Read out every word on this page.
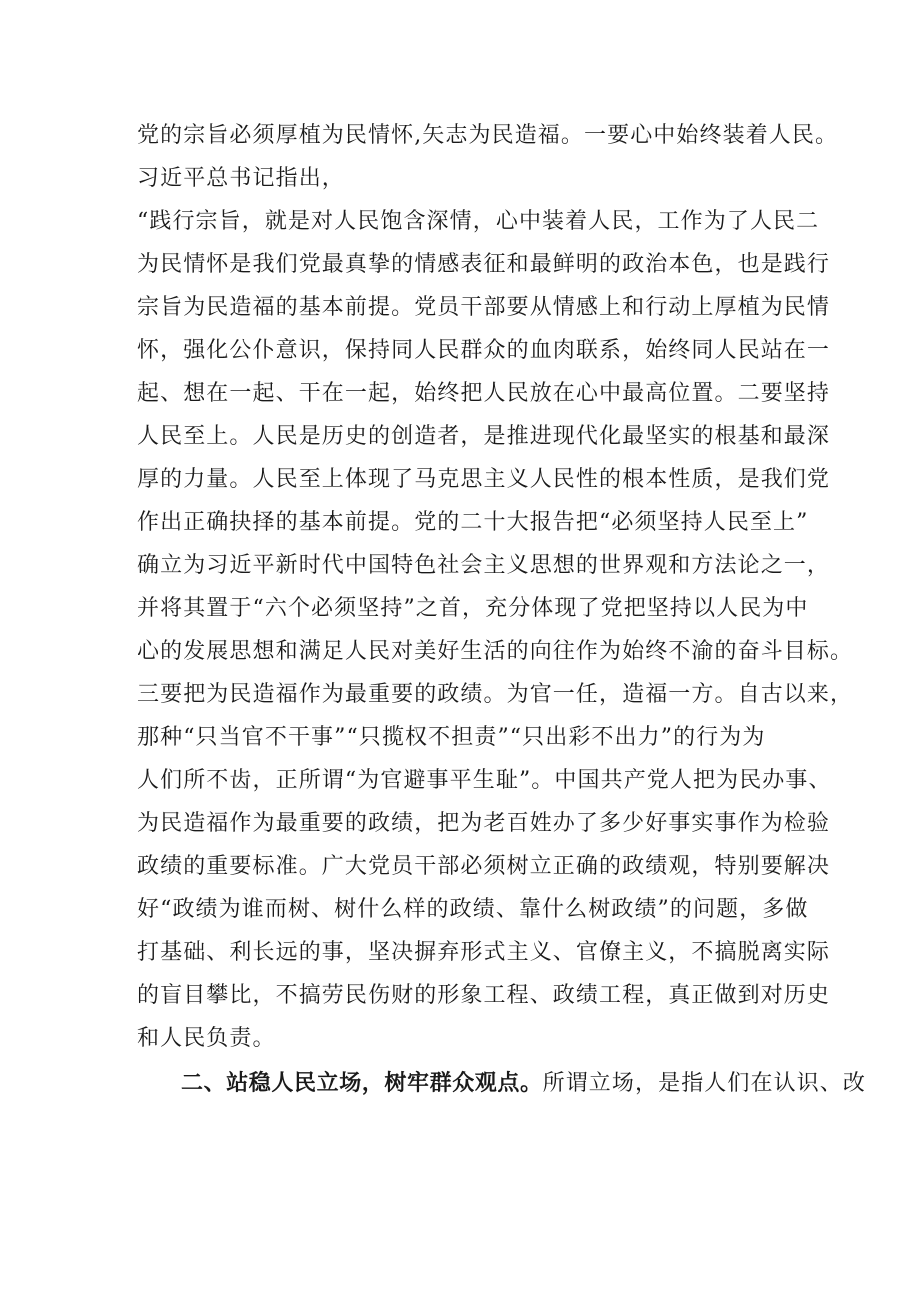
党的宗旨必须厚植为民情怀,矢志为民造福。一要心中始终装着人民。
习近平总书记指出，
“践行宗旨，就是对人民饱含深情，心中装着人民，工作为了人民二
为民情怀是我们党最真挚的情感表征和最鲜明的政治本色，也是践行
宗旨为民造福的基本前提。党员干部要从情感上和行动上厚植为民情
怀，强化公仆意识，保持同人民群众的血肉联系，始终同人民站在一
起、想在一起、干在一起，始终把人民放在心中最高位置。二要坚持
人民至上。人民是历史的创造者，是推进现代化最坚实的根基和最深
厚的力量。人民至上体现了马克思主义人民性的根本性质，是我们党
作出正确抉择的基本前提。党的二十大报告把“必须坚持人民至上”
确立为习近平新时代中国特色社会主义思想的世界观和方法论之一，
并将其置于“六个必须坚持”之首，充分体现了党把坚持以人民为中
心的发展思想和满足人民对美好生活的向往作为始终不渝的奋斗目标。
三要把为民造福作为最重要的政绩。为官一任，造福一方。自古以来，
那种“只当官不干事”“只揽权不担责”“只出彩不出力”的行为为
人们所不齿，正所谓“为官避事平生耻”。中国共产党人把为民办事、
为民造福作为最重要的政绩，把为老百姓办了多少好事实事作为检验
政绩的重要标准。广大党员干部必须树立正确的政绩观，特别要解决
好“政绩为谁而树、树什么样的政绩、靠什么树政绩”的问题，多做
打基础、利长远的事，坚决摒弃形式主义、官僚主义，不搞脱离实际
的盲目攀比，不搞劳民伤财的形象工程、政绩工程，真正做到对历史
和人民负责。
二、站稳人民立场，树牢群众观点。所谓立场，是指人们在认识、改
